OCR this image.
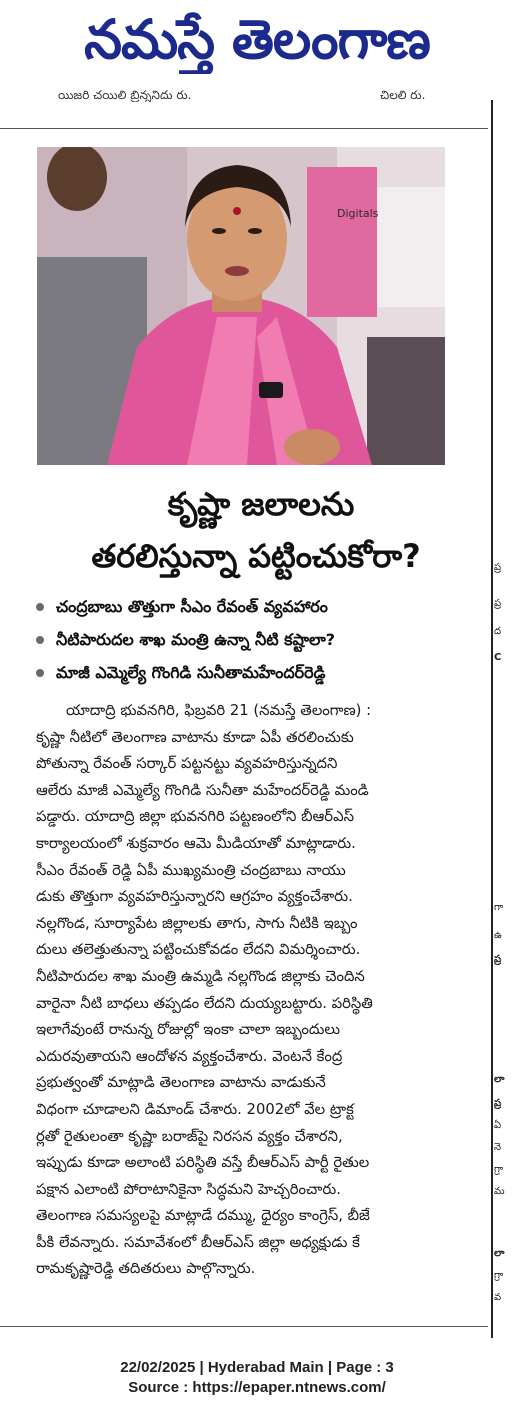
నమస్తే తెలంగాణ
యిజరి చయిలి బ్రిన్ననిదు రు.	చిలలి రు.
ప్ర
ప్ర
ద
C
గా
ఉ
ప్ర
లా
ప్ర
ఏ
నె
గ్రా
మ
లా
గ్రా
వ
Digitals
కృష్ణా జలాలను
తరలిస్తున్నా పట్టించుకోరా?
చంద్రబాబు తొత్తుగా సీఎం రేవంత్‌ వ్యవహారం
నీటిపారుదల శాఖ మంత్రి ఉన్నా నీటి కష్టాలా?
మాజీ ఎమ్మెల్యే గొంగిడి సునీతామహేందర్‌రెడ్డి
యాదాద్రి భువనగిరి, ఫిబ్రవరి 21 (నమస్తే తెలంగాణ) :
కృష్ణా నీటిలో తెలంగాణ వాటాను కూడా ఏపీ తరలించుకు
పోతున్నా రేవంత్‌ సర్కార్‌ పట్టనట్టు వ్యవహరిస్తున్నదని
ఆలేరు మాజీ ఎమ్మెల్యే గొంగిడి సునీతా మహేందర్‌రెడ్డి మండి
పడ్డారు. యాదాద్రి జిల్లా భువనగిరి పట్టణంలోని బీఆర్‌ఎస్‌
కార్యాలయంలో శుక్రవారం ఆమె మీడియాతో మాట్లాడారు.
సీఎం రేవంత్‌ రెడ్డి ఏపీ ముఖ్యమంత్రి చంద్రబాబు నాయు
డుకు తొత్తుగా వ్యవహరిస్తున్నారని ఆగ్రహం వ్యక్తంచేశారు.
నల్లగొండ, సూర్యాపేట జిల్లాలకు తాగు, సాగు నీటికి ఇబ్బం
దులు తలెత్తుతున్నా పట్టించుకోవడం లేదని విమర్శించారు.
నీటిపారుదల శాఖ మంత్రి ఉమ్మడి నల్లగొండ జిల్లాకు చెందిన
వారైనా నీటి బాధలు తప్పడం లేదని దుయ్యబట్టారు. పరిస్థితి
ఇలాగేవుంటే రానున్న రోజుల్లో ఇంకా చాలా ఇబ్బందులు
ఎదురవుతాయని ఆందోళన వ్యక్తంచేశారు. వెంటనే కేంద్ర
ప్రభుత్వంతో మాట్లాడి తెలంగాణ వాటాను వాడుకునే
విధంగా చూడాలని డిమాండ్‌ చేశారు. 2002లో వేల ట్రాక్ట
ర్లతో రైతులంతా కృష్ణా బరాజ్‌పై నిరసన వ్యక్తం చేశారని,
ఇప్పుడు కూడా అలాంటి పరిస్థితి వస్తే బీఆర్‌ఎస్‌ పార్టీ రైతుల
పక్షాన ఎలాంటి పోరాటానికైనా సిద్ధమని హెచ్చరించారు.
తెలంగాణ సమస్యలపై మాట్లాడే దమ్ము, ధైర్యం కాంగ్రెస్‌, బీజే
పీకి లేవన్నారు. సమావేశంలో బీఆర్‌ఎస్‌ జిల్లా అధ్యక్షుడు కే
రామకృష్ణారెడ్డి తదితరులు పాల్గొన్నారు.
22/02/2025 | Hyderabad Main | Page : 3
Source : https://epaper.ntnews.com/
